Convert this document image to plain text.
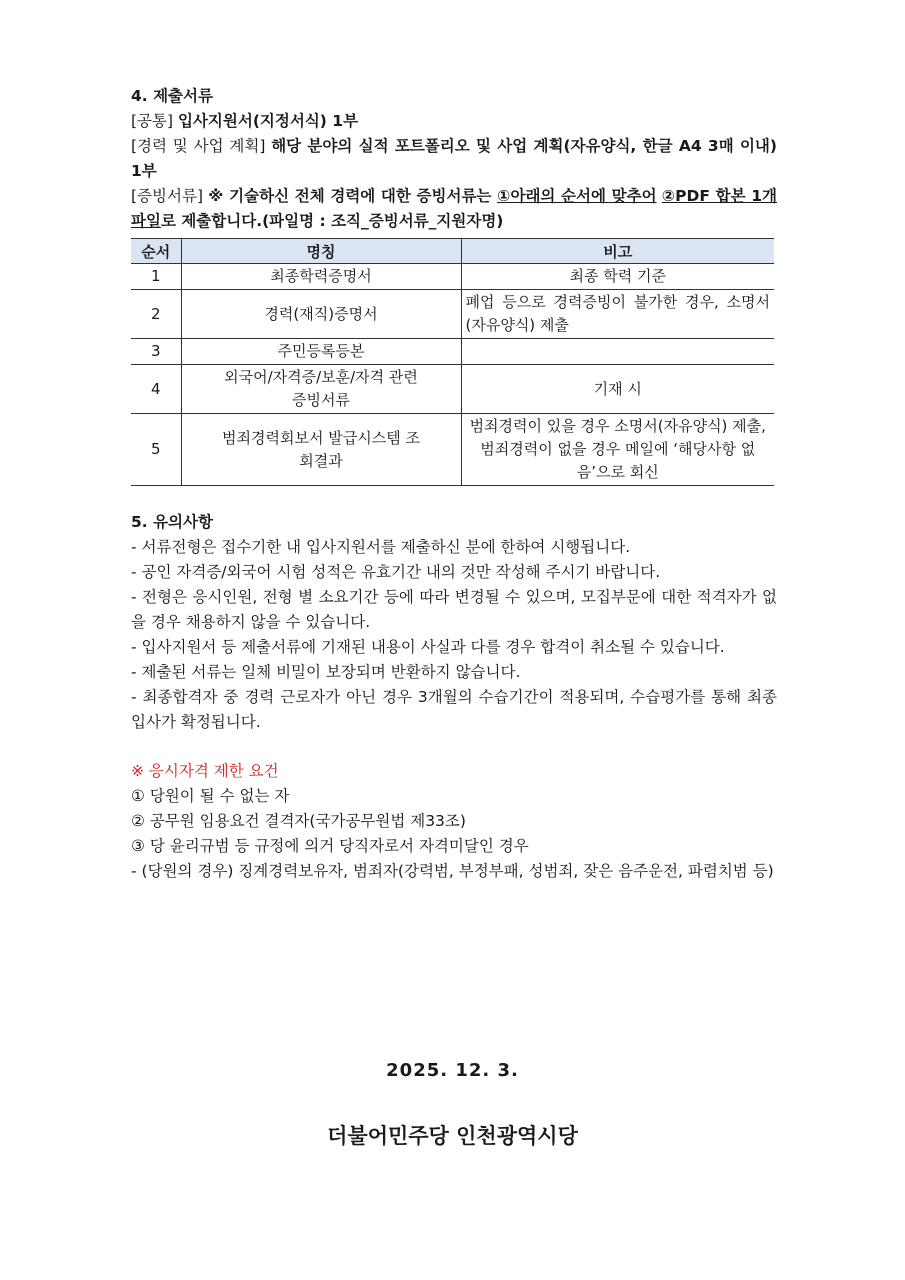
4. 제출서류

[공통] 입사지원서(지정서식) 1부

[경력 및 사업 계획] 해당 분야의 실적 포트폴리오 및 사업 계획(자유양식, 한글 A4 3매 이내) 1부

[증빙서류] ※ 기술하신 전체 경력에 대한 증빙서류는 ①아래의 순서에 맞추어 ②PDF 합본 1개 파일로 제출합니다.(파일명 : 조직_증빙서류_지원자명)

순서	명칭	비고
1	최종학력증명서	최종 학력 기준
2	경력(재직)증명서	폐업 등으로 경력증빙이 불가한 경우, 소명서(자유양식) 제출
3	주민등록등본	
4	외국어/자격증/보훈/자격 관련 증빙서류	기재 시
5	범죄경력회보서 발급시스템 조회결과	범죄경력이 있을 경우 소명서(자유양식) 제출, 범죄경력이 없을 경우 메일에 ‘해당사항 없음’으로 회신
5. 유의사항

- 서류전형은 접수기한 내 입사지원서를 제출하신 분에 한하여 시행됩니다.

- 공인 자격증/외국어 시험 성적은 유효기간 내의 것만 작성해 주시기 바랍니다.

- 전형은 응시인원, 전형 별 소요기간 등에 따라 변경될 수 있으며, 모집부문에 대한 적격자가 없을 경우 채용하지 않을 수 있습니다.

- 입사지원서 등 제출서류에 기재된 내용이 사실과 다를 경우 합격이 취소될 수 있습니다.

- 제출된 서류는 일체 비밀이 보장되며 반환하지 않습니다.

- 최종합격자 중 경력 근로자가 아닌 경우 3개월의 수습기간이 적용되며, 수습평가를 통해 최종입사가 확정됩니다.

※ 응시자격 제한 요건

① 당원이 될 수 없는 자

② 공무원 임용요건 결격자(국가공무원법 제33조)

③ 당 윤리규범 등 규정에 의거 당직자로서 자격미달인 경우

- (당원의 경우) 징계경력보유자, 범죄자(강력범, 부정부패, 성범죄, 잦은 음주운전, 파렴치범 등)

2025. 12. 3.
더불어민주당 인천광역시당
